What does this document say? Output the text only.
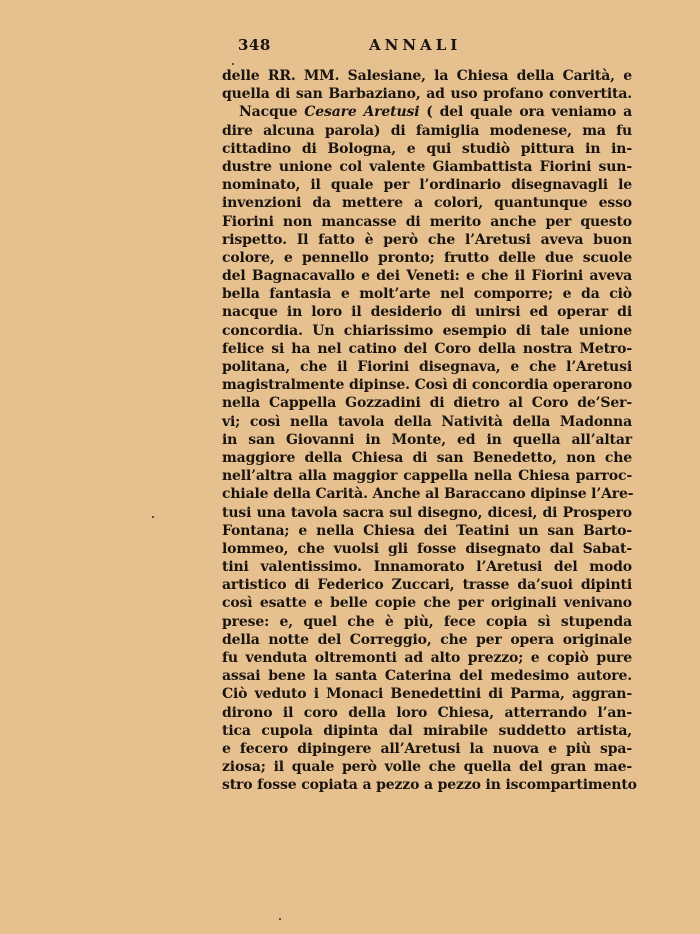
348	ANNALI
delle RR. MM. Salesiane, la Chiesa della Carità, e
quella di san Barbaziano, ad uso profano convertita.
Nacque Cesare Aretusi ( del quale ora veniamo a
dire alcuna parola) di famiglia modenese, ma fu
cittadino di Bologna, e qui studiò pittura in in-
dustre unione col valente Giambattista Fiorini sun-
nominato, il quale per l’ordinario disegnavagli le
invenzioni da mettere a colori, quantunque esso
Fiorini non mancasse di merito anche per questo
rispetto. Il fatto è però che l’Aretusi aveva buon
colore, e pennello pronto; frutto delle due scuole
del Bagnacavallo e dei Veneti: e che il Fiorini aveva
bella fantasia e molt’arte nel comporre; e da ciò
nacque in loro il desiderio di unirsi ed operar di
concordia. Un chiarissimo esempio di tale unione
felice si ha nel catino del Coro della nostra Metro-
politana, che il Fiorini disegnava, e che l’Aretusi
magistralmente dipinse. Così di concordia operarono
nella Cappella Gozzadini di dietro al Coro de’Ser-
vi; così nella tavola della Natività della Madonna
in san Giovanni in Monte, ed in quella all’altar
maggiore della Chiesa di san Benedetto, non che
nell’altra alla maggior cappella nella Chiesa parroc-
chiale della Carità. Anche al Baraccano dipinse l’Are-
tusi una tavola sacra sul disegno, dicesi, di Prospero
Fontana; e nella Chiesa dei Teatini un san Barto-
lommeo, che vuolsi gli fosse disegnato dal Sabat-
tini valentissimo. Innamorato l’Aretusi del modo
artistico di Federico Zuccari, trasse da’suoi dipinti
così esatte e belle copie che per originali venivano
prese: e, quel che è più, fece copia sì stupenda
della notte del Correggio, che per opera originale
fu venduta oltremonti ad alto prezzo; e copiò pure
assai bene la santa Caterina del medesimo autore.
Ciò veduto i Monaci Benedettini di Parma, aggran-
dirono il coro della loro Chiesa, atterrando l’an-
tica cupola dipinta dal mirabile suddetto artista,
e fecero dipingere all’Aretusi la nuova e più spa-
ziosa; il quale però volle che quella del gran mae-
stro fosse copiata a pezzo a pezzo in iscompartimento
